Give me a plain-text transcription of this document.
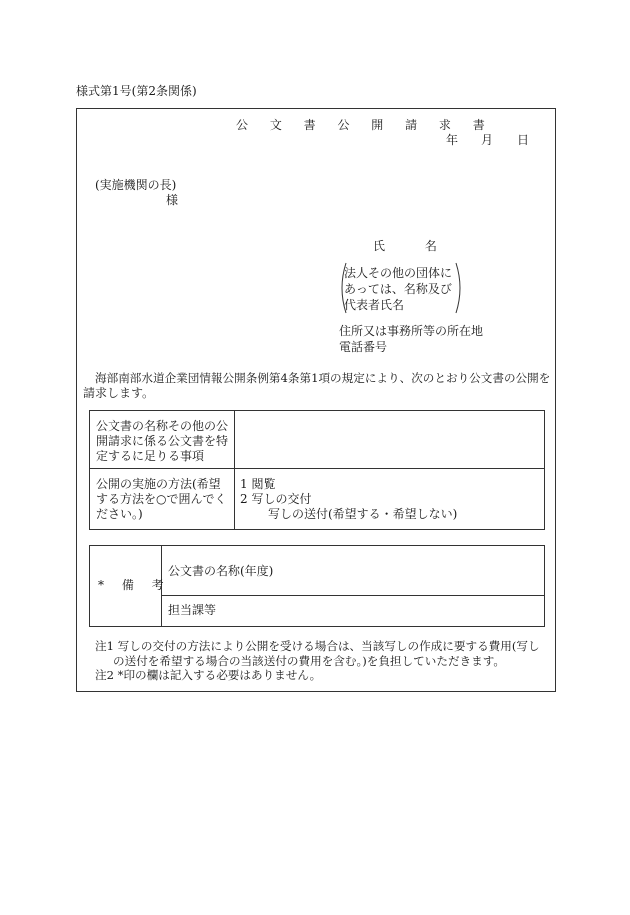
様式第1号(第2条関係)
公 文 書 公 開 請 求 書
年 月 日
(実施機関の長)
様
氏 名
法人その他の団体に
あっては、名称及び
代表者氏名
住所又は事務所等の所在地
電話番号
海部南部水道企業団情報公開条例第4条第1項の規定により、次のとおり公文書の公開を
請求します。
公文書の名称その他の公
開請求に係る公文書を特
定するに足りる事項
公開の実施の方法(希望
する方法を○で囲んでく
ださい。)
1 閲覧
2 写しの交付
写しの送付(希望する・希望しない)
* 備 考
公文書の名称(年度)
担当課等
注1 写しの交付の方法により公開を受ける場合は、当該写しの作成に要する費用(写し
の送付を希望する場合の当該送付の費用を含む。)を負担していただきます。
注2 *印の欄は記入する必要はありません。
